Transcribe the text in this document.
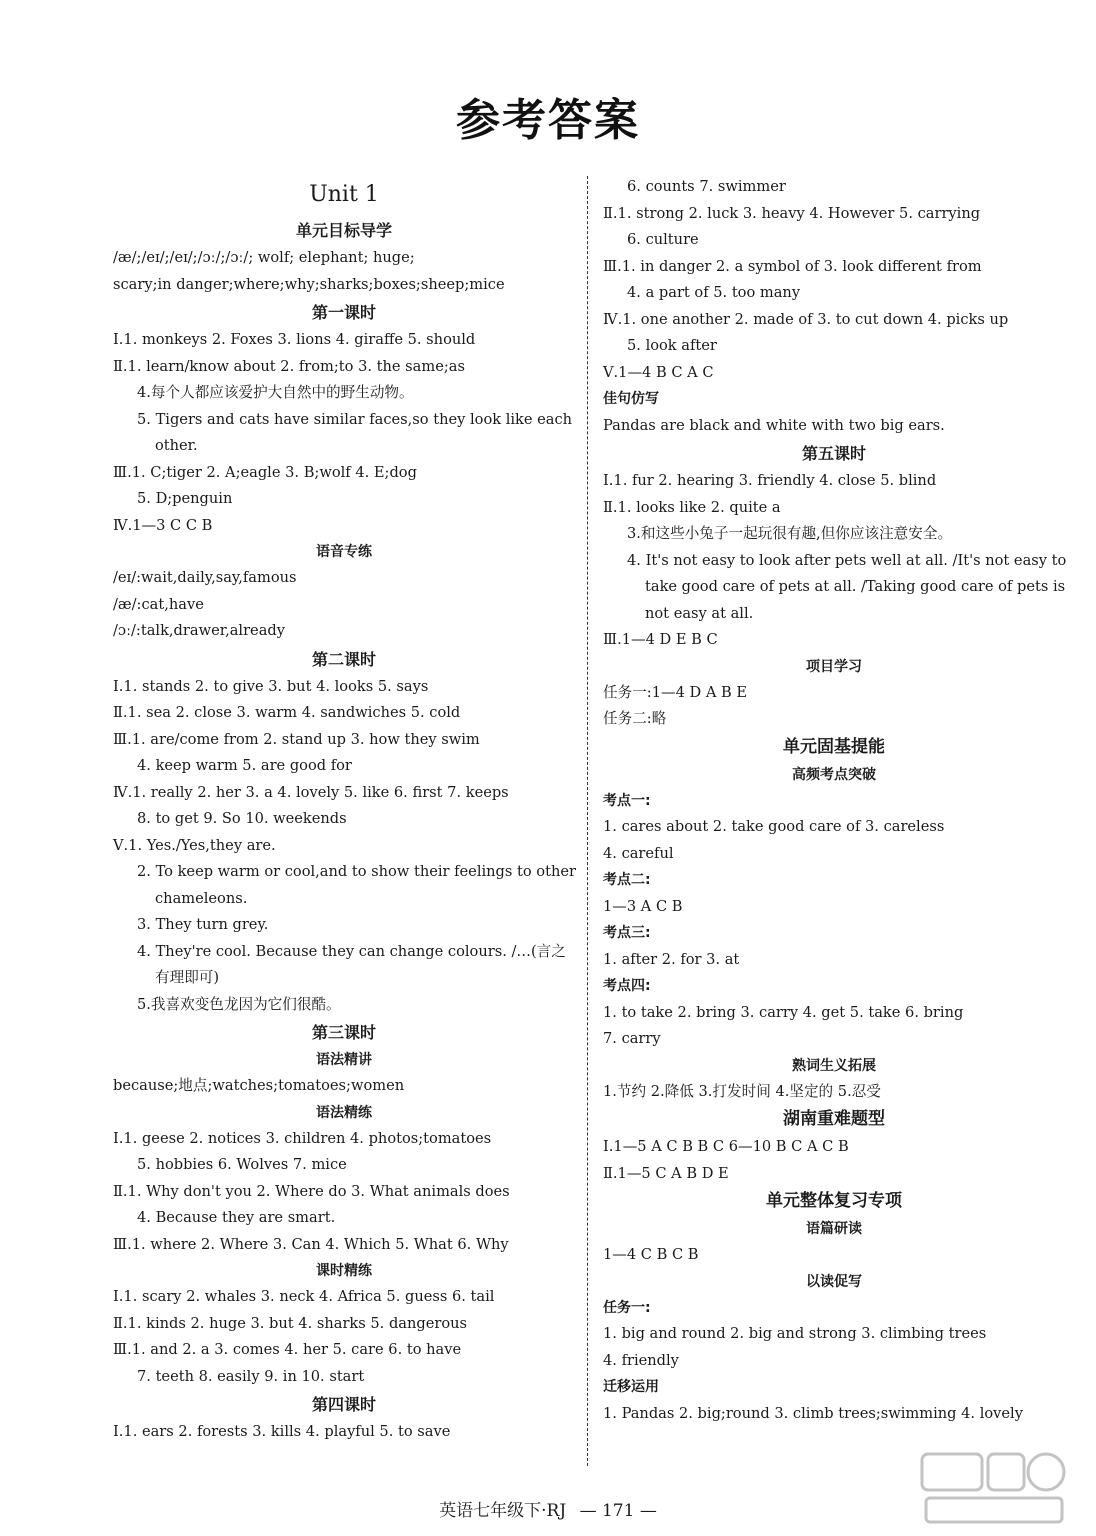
参考答案
Unit 1
单元目标导学
/æ/;/eɪ/;/eɪ/;/ɔː/;/ɔː/; wolf; elephant; huge;
scary;in danger;where;why;sharks;boxes;sheep;mice
第一课时
Ⅰ.1. monkeys 2. Foxes 3. lions 4. giraffe 5. should
Ⅱ.1. learn/know about 2. from;to 3. the same;as
4.每个人都应该爱护大自然中的野生动物。
5. Tigers and cats have similar faces,so they look like each
other.
Ⅲ.1. C;tiger 2. A;eagle 3. B;wolf 4. E;dog
5. D;penguin
Ⅳ.1—3 C C B
语音专练
/eɪ/:wait,daily,say,famous
/æ/:cat,have
/ɔː/:talk,drawer,already
第二课时
Ⅰ.1. stands 2. to give 3. but 4. looks 5. says
Ⅱ.1. sea 2. close 3. warm 4. sandwiches 5. cold
Ⅲ.1. are/come from 2. stand up 3. how they swim
4. keep warm 5. are good for
Ⅳ.1. really 2. her 3. a 4. lovely 5. like 6. first 7. keeps
8. to get 9. So 10. weekends
Ⅴ.1. Yes./Yes,they are.
2. To keep warm or cool,and to show their feelings to other
chameleons.
3. They turn grey.
4. They're cool. Because they can change colours. /…(言之
有理即可)
5.我喜欢变色龙因为它们很酷。
第三课时
语法精讲
because;地点;watches;tomatoes;women
语法精练
Ⅰ.1. geese 2. notices 3. children 4. photos;tomatoes
5. hobbies 6. Wolves 7. mice
Ⅱ.1. Why don't you 2. Where do 3. What animals does
4. Because they are smart.
Ⅲ.1. where 2. Where 3. Can 4. Which 5. What 6. Why
课时精练
Ⅰ.1. scary 2. whales 3. neck 4. Africa 5. guess 6. tail
Ⅱ.1. kinds 2. huge 3. but 4. sharks 5. dangerous
Ⅲ.1. and 2. a 3. comes 4. her 5. care 6. to have
7. teeth 8. easily 9. in 10. start
第四课时
Ⅰ.1. ears 2. forests 3. kills 4. playful 5. to save
6. counts 7. swimmer
Ⅱ.1. strong 2. luck 3. heavy 4. However 5. carrying
6. culture
Ⅲ.1. in danger 2. a symbol of 3. look different from
4. a part of 5. too many
Ⅳ.1. one another 2. made of 3. to cut down 4. picks up
5. look after
Ⅴ.1—4 B C A C
佳句仿写
Pandas are black and white with two big ears.
第五课时
Ⅰ.1. fur 2. hearing 3. friendly 4. close 5. blind
Ⅱ.1. looks like 2. quite a
3.和这些小兔子一起玩很有趣,但你应该注意安全。
4. It's not easy to look after pets well at all. /It's not easy to
take good care of pets at all. /Taking good care of pets is
not easy at all.
Ⅲ.1—4 D E B C
项目学习
任务一:1—4 D A B E
任务二:略
单元固基提能
高频考点突破
考点一:
1. cares about 2. take good care of 3. careless
4. careful
考点二:
1—3 A C B
考点三:
1. after 2. for 3. at
考点四:
1. to take 2. bring 3. carry 4. get 5. take 6. bring
7. carry
熟词生义拓展
1.节约 2.降低 3.打发时间 4.坚定的 5.忍受
湖南重难题型
Ⅰ.1—5 A C B B C 6—10 B C A C B
Ⅱ.1—5 C A B D E
单元整体复习专项
语篇研读
1—4 C B C B
以读促写
任务一:
1. big and round 2. big and strong 3. climbing trees
4. friendly
迁移运用
1. Pandas 2. big;round 3. climb trees;swimming 4. lovely
英语七年级下·RJ — 171 —
